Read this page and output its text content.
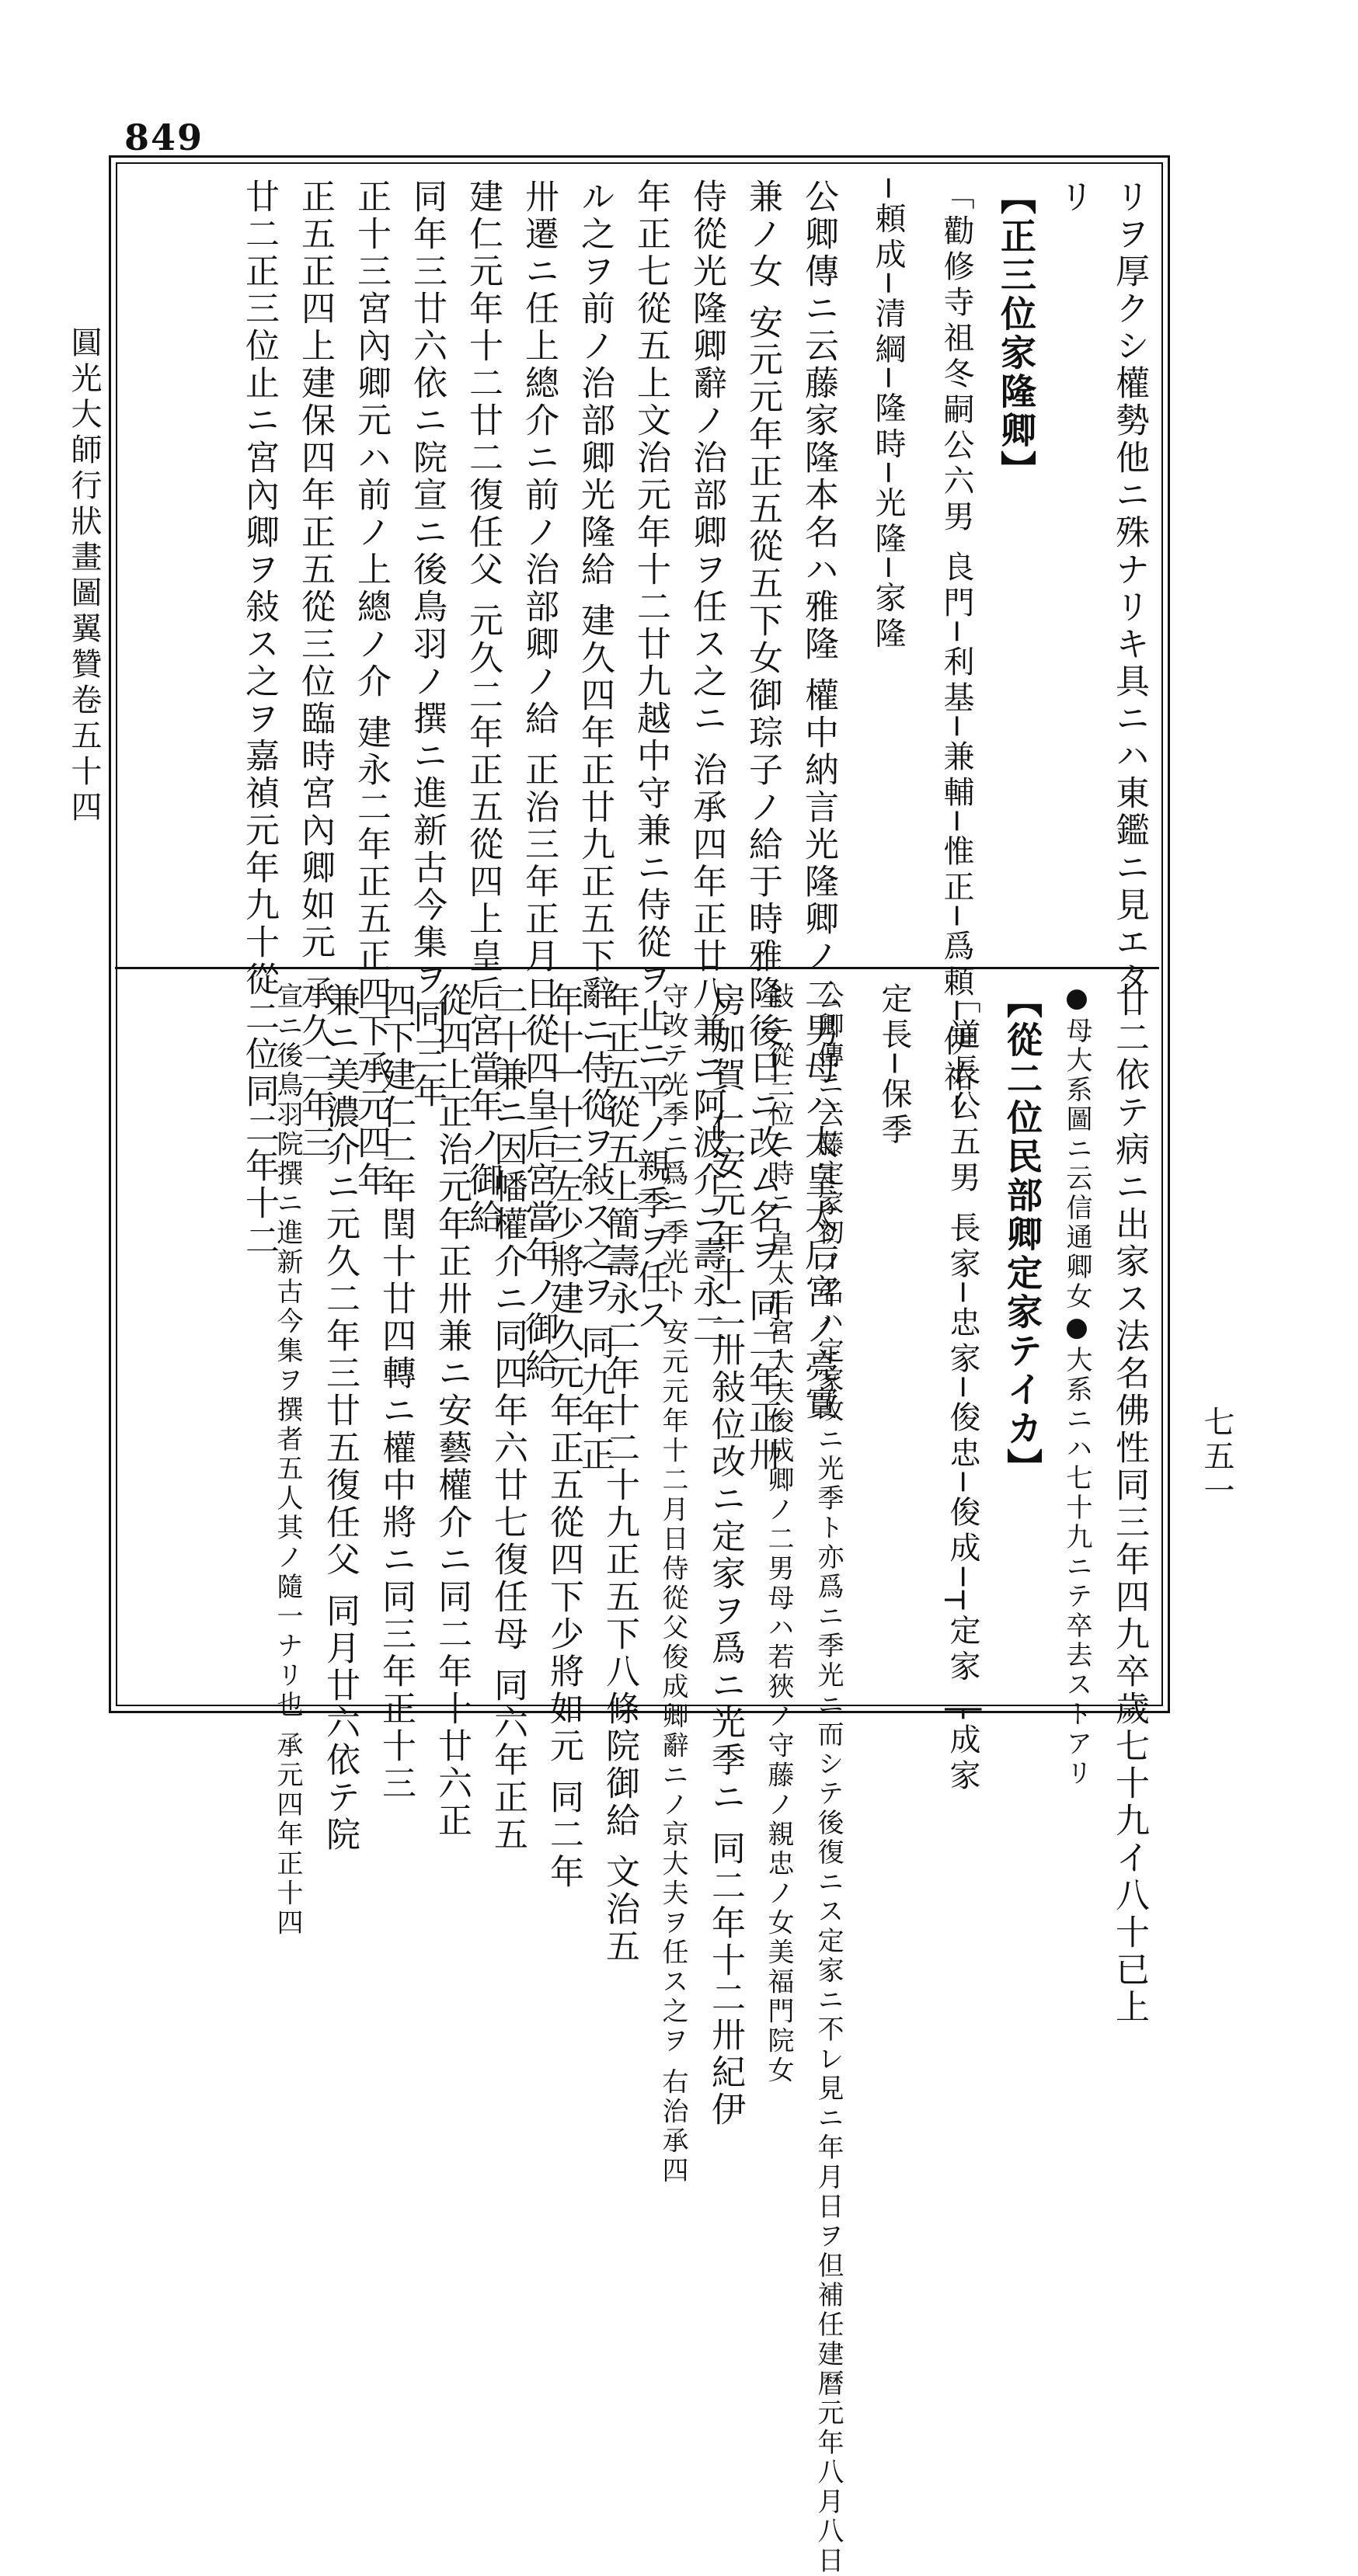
849
圓光大師行狀畫圖翼贊卷五十四
七五一
リヲ厚クシ權勢他ニ殊ナリキ具ニハ東鑑ニ見エタ
リ
【正三位家隆卿】
「勸修寺祖冬嗣公六男 良門─利基─兼輔─惟正─爲頼─伊祐─
─頼成─清綱─隆時─光隆─家隆
公卿傳ニ云藤家隆本名ハ雅隆 權中納言光隆卿ノ二男母ハ太皇太后宮ノ亮實
兼ノ女 安元元年正五從五下女御琮子ノ給于時雅隆後日ニ改ム名ヲ 同二年正卅
侍從光隆卿辭ノ治部卿ヲ任ス之ニ 治承四年正廿八兼ニ阿波介ニ壽永二
年正七從五上文治元年十二廿九越中守兼ニ侍從ヲ止ニ平ノ親季ヲ任ス
ル之ヲ前ノ治部卿光隆給 建久四年正廿九正五下辭ニ侍從ヲ敍ス之ヲ 同九年正
卅遷ニ任上總介ニ前ノ治部卿ノ給 正治三年正月日從四皇后宮當年ノ御給
建仁元年十二廿二復任父 元久二年正五從四上皇后宮當年ノ御給
同年三廿六依ニ院宣ニ後鳥羽ノ撰ニ進新古今集ヲ同三年
正十三宮內卿元ハ前ノ上總ノ介 建永二年正五正四下承元四年
正五正四上建保四年正五從三位臨時宮內卿如元 承久二年三
廿二正三位止ニ宮內卿ヲ敍ス之ヲ嘉禎元年九十從二位同二年十二
廿二依テ病ニ出家ス法名佛性同三年四九卒歲七十九イ八十已上
●母大系圖ニ云信通卿女●大系ニハ七十九ニテ卒去ストアリ
【從二位民部卿定家テイカ】
「道長公五男 長家─忠家─俊忠─俊成─┬定家 ├成家
定長─保季
公卿傳ニ云藤定家初ノ名ハ定家改ニ光季ト亦爲ニ季光ニ而シテ後復ニス定家ニ不レ見ニ年月日ヲ但補任建曆元年八月八日
敍ニ從三位ニ時ニ 皇太后宮大夫俊成卿ノ二男母ハ若狹ノ守藤ノ親忠ノ女美福門院女
房加賀 仁安元年十二卅敍位改ニ定家ヲ爲ニ光季ニ 同二年十二卅紀伊
守改テ光季ニ爲ニ季光ト 安元元年十二月日侍從父俊成卿辭ニノ京大夫ヲ任ス之ヲ 右治承四
年正五從五上簡壽永二年十二十九正五下八條院御給 文治五
年十一十三左少將建久元年正五從四下少將如元 同二年
二十兼ニ因幡權介ニ同四年六廿七復任母 同六年正五
從四上正治元年正卅兼ニ安藝權介ニ同二年十廿六正
四下建仁二年閏十廿四轉ニ權中將ニ同三年正十三
兼ニ美濃介ニ元久二年三廿五復任父 同月廿六依テ院
宣ニ後鳥羽院撰ニ進新古今集ヲ撰者五人其ノ隨一ナリ也 承元四年正十四
